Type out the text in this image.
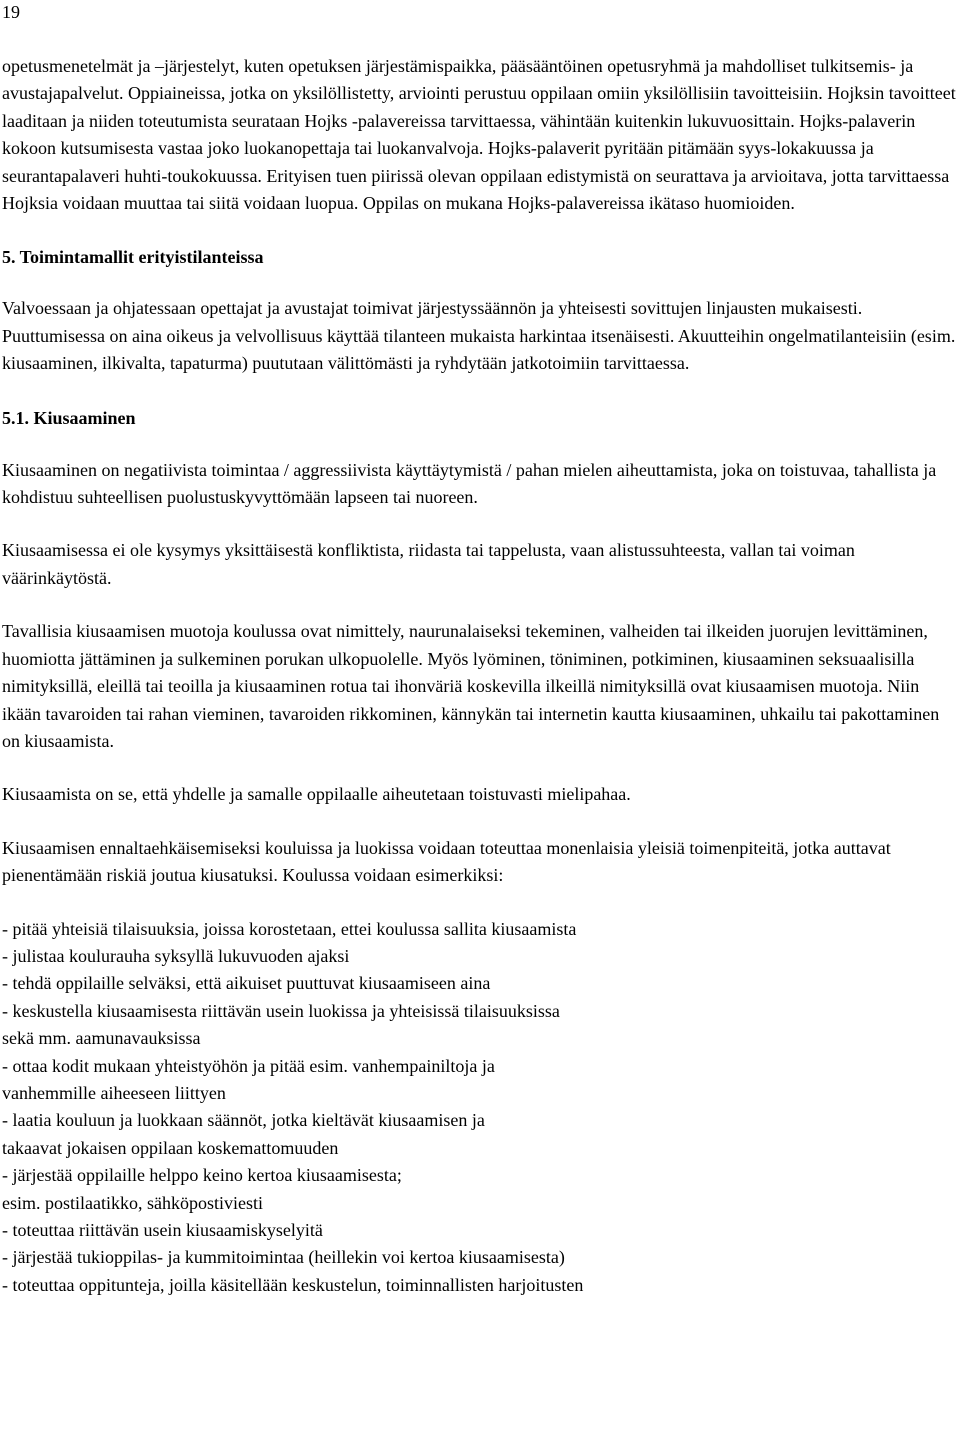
19

opetusmenetelmät ja –järjestelyt, kuten opetuksen järjestämispaikka, pääsääntöinen opetusryhmä ja mahdolliset tulkitsemis- ja avustajapalvelut. Oppiaineissa, jotka on yksilöllistetty, arviointi perustuu oppilaan omiin yksilöllisiin tavoitteisiin. Hojksin tavoitteet laaditaan ja niiden toteutumista seurataan Hojks -palavereissa tarvittaessa, vähintään kuitenkin lukuvuosittain. Hojks-palaverin kokoon kutsumisesta vastaa joko luokanopettaja tai luokanvalvoja. Hojks-palaverit pyritään pitämään syys-lokakuussa ja seurantapalaveri huhti-toukokuussa. Erityisen tuen piirissä olevan oppilaan edistymistä on seurattava ja arvioitava, jotta tarvittaessa Hojksia voidaan muuttaa tai siitä voidaan luopua. Oppilas on mukana Hojks-palavereissa ikätaso huomioiden.

5. Toimintamallit erityistilanteissa

Valvoessaan ja ohjatessaan opettajat ja avustajat toimivat järjestyssäännön ja yhteisesti sovittujen linjausten mukaisesti. Puuttumisessa on aina oikeus ja velvollisuus käyttää tilanteen mukaista harkintaa itsenäisesti. Akuutteihin ongelmatilanteisiin (esim. kiusaaminen, ilkivalta, tapaturma) puututaan välittömästi ja ryhdytään jatkotoimiin tarvittaessa.

5.1. Kiusaaminen

Kiusaaminen on negatiivista toimintaa / aggressiivista käyttäytymistä / pahan mielen aiheuttamista, joka on toistuvaa, tahallista ja kohdistuu suhteellisen puolustuskyvyttömään lapseen tai nuoreen.

Kiusaamisessa ei ole kysymys yksittäisestä konfliktista, riidasta tai tappelusta, vaan alistussuhteesta, vallan tai voiman väärinkäytöstä.

Tavallisia kiusaamisen muotoja koulussa ovat nimittely, naurunalaiseksi tekeminen, valheiden tai ilkeiden juorujen levittäminen, huomiotta jättäminen ja sulkeminen porukan ulkopuolelle. Myös lyöminen, töniminen, potkiminen, kiusaaminen seksuaalisilla nimityksillä, eleillä tai teoilla ja kiusaaminen rotua tai ihonväriä koskevilla ilkeillä nimityksillä ovat kiusaamisen muotoja. Niin ikään tavaroiden tai rahan vieminen, tavaroiden rikkominen, kännykän tai internetin kautta kiusaaminen, uhkailu tai pakottaminen on kiusaamista.

Kiusaamista on se, että yhdelle ja samalle oppilaalle aiheutetaan toistuvasti mielipahaa.

Kiusaamisen ennaltaehkäisemiseksi kouluissa ja luokissa voidaan toteuttaa monenlaisia yleisiä toimenpiteitä, jotka auttavat pienentämään riskiä joutua kiusatuksi. Koulussa voidaan esimerkiksi:

- pitää yhteisiä tilaisuuksia, joissa korostetaan, ettei koulussa sallita kiusaamista
- julistaa koulurauha syksyllä lukuvuoden ajaksi
- tehdä oppilaille selväksi, että aikuiset puuttuvat kiusaamiseen aina
- keskustella kiusaamisesta riittävän usein luokissa ja yhteisissä tilaisuuksissa
sekä mm. aamunavauksissa
- ottaa kodit mukaan yhteistyöhön ja pitää esim. vanhempainiltoja ja
vanhemmille aiheeseen liittyen
- laatia kouluun ja luokkaan säännöt, jotka kieltävät kiusaamisen ja
takaavat jokaisen oppilaan koskemattomuuden
- järjestää oppilaille helppo keino kertoa kiusaamisesta;
esim. postilaatikko, sähköpostiviesti
- toteuttaa riittävän usein kiusaamiskyselyitä
- järjestää tukioppilas- ja kummitoimintaa (heillekin voi kertoa kiusaamisesta)
- toteuttaa oppitunteja, joilla käsitellään keskustelun, toiminnallisten harjoitusten
